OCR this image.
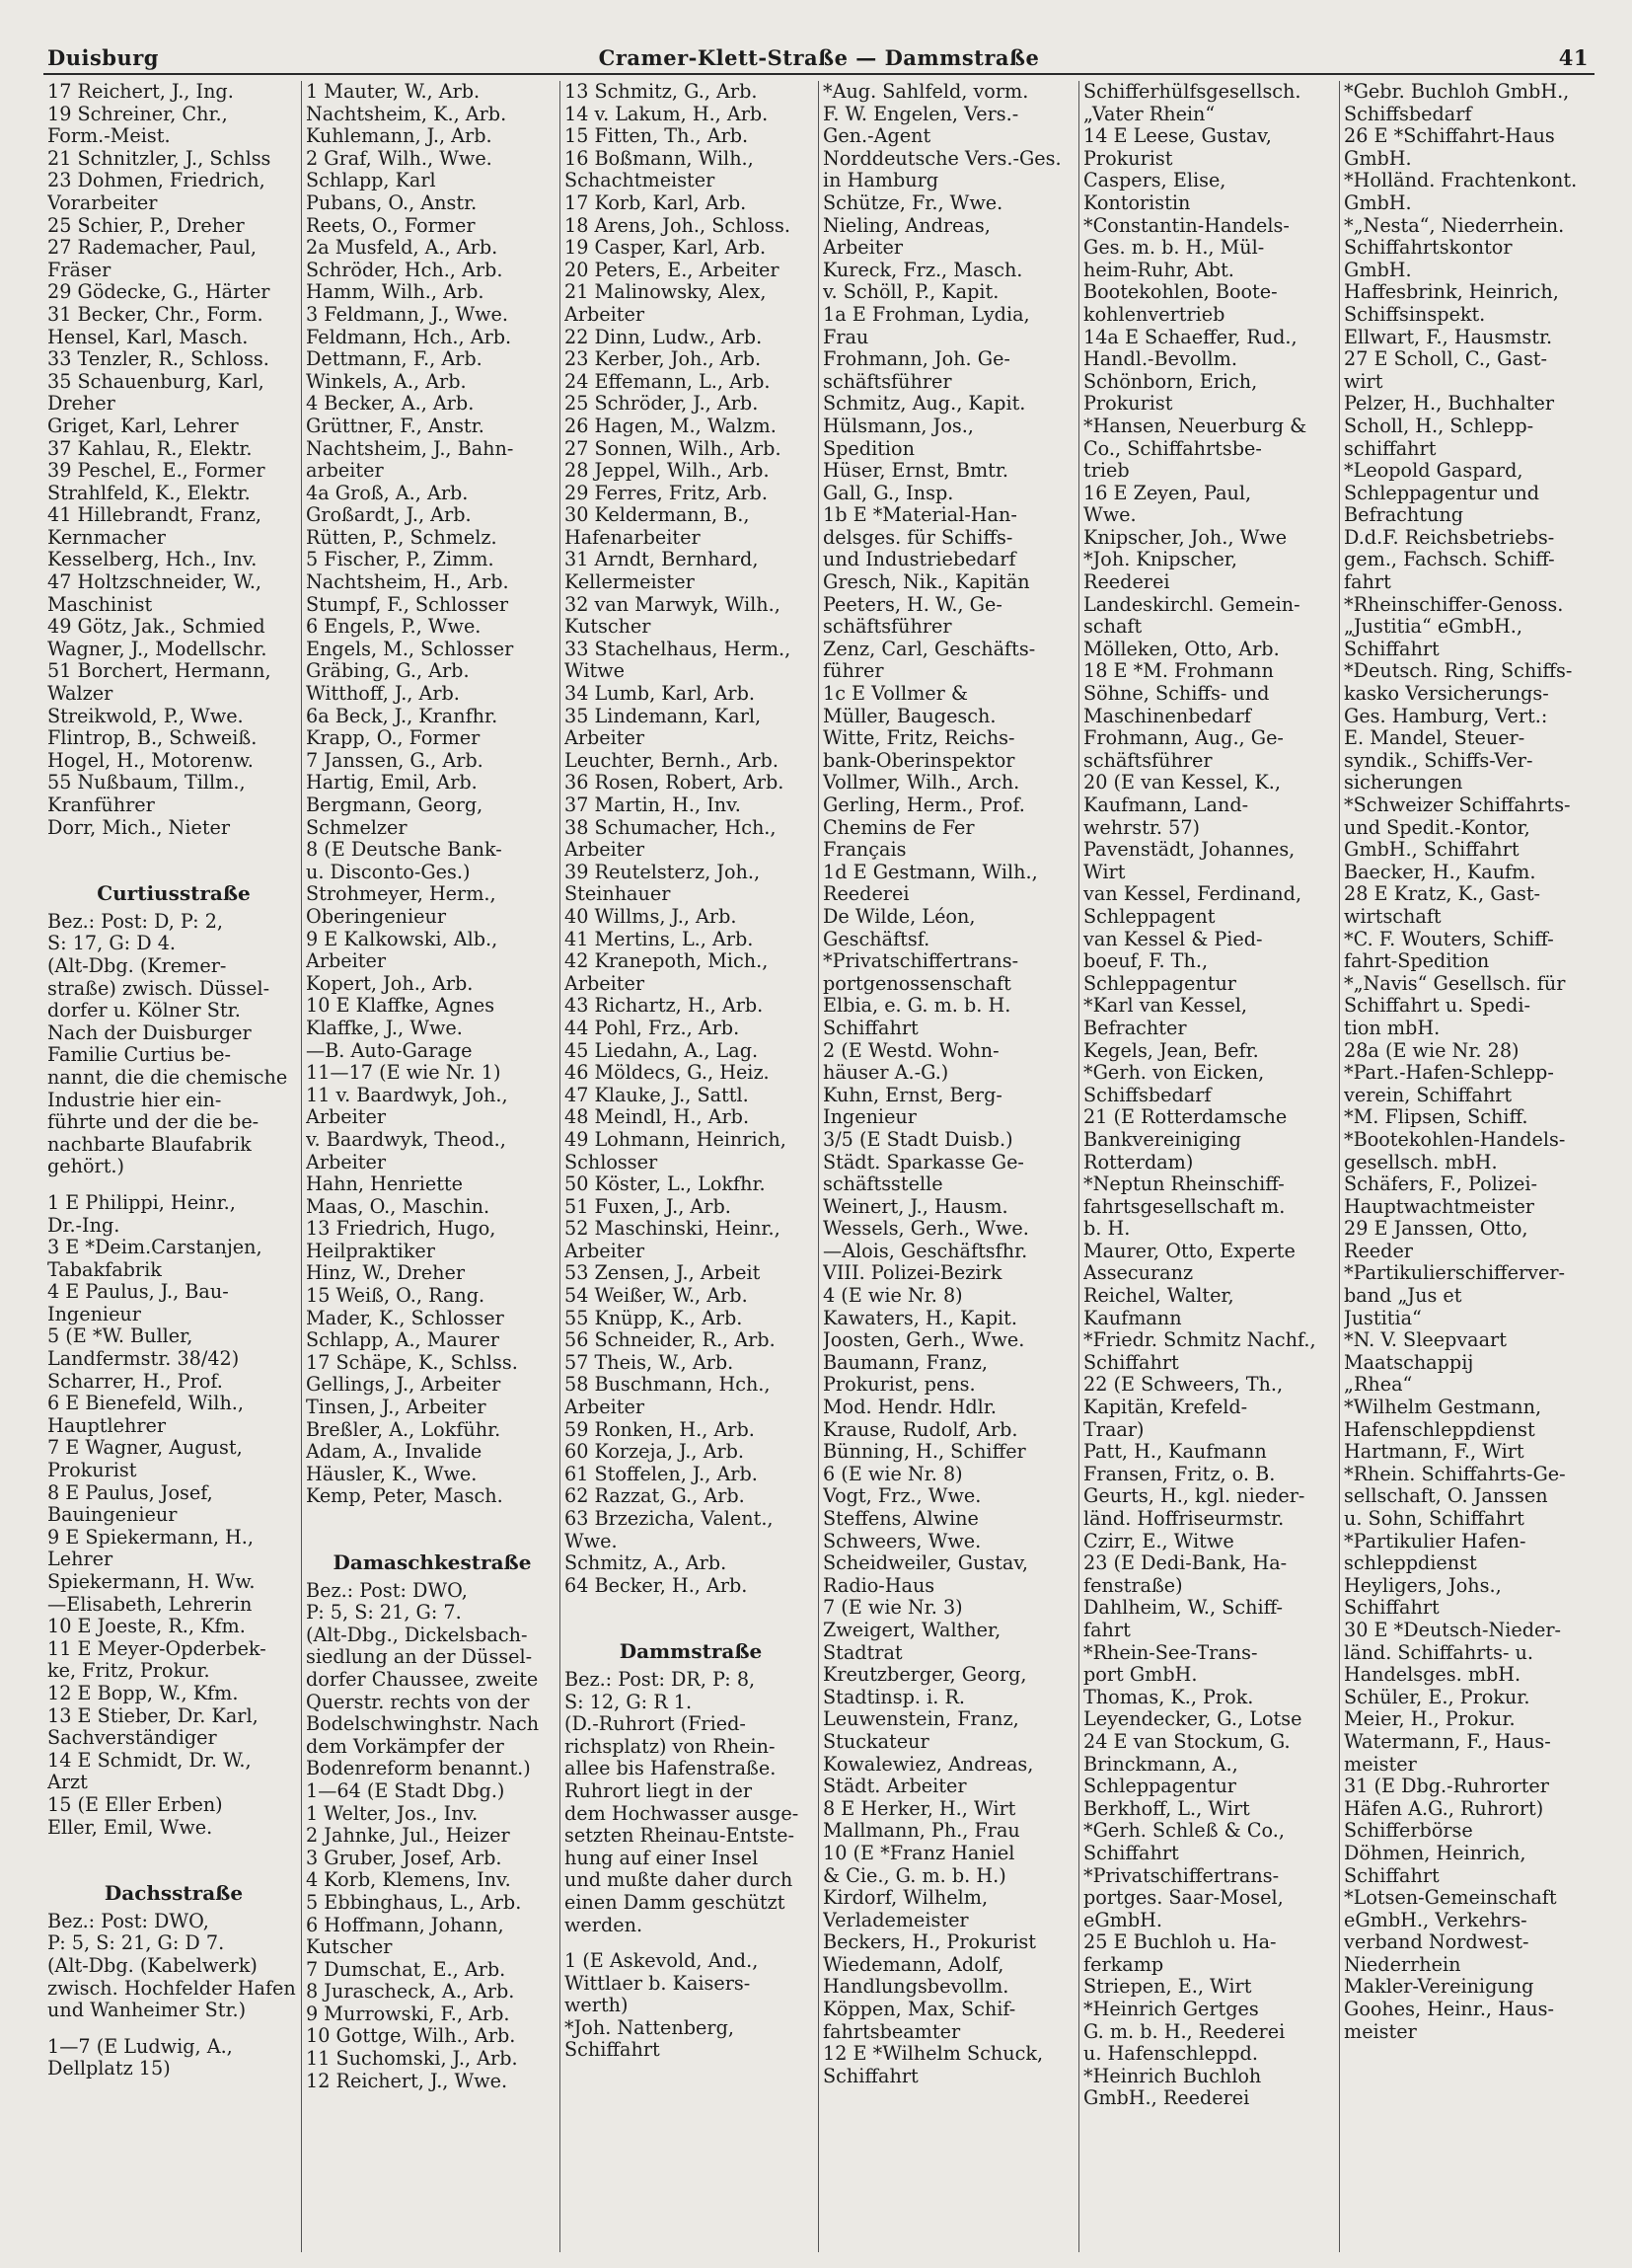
Duisburg	Cramer-Klett-Straße — Dammstraße	41
17 Reichert, J., Ing.
19 Schreiner, Chr.,
Form.-Meist.
21 Schnitzler, J., Schlss
23 Dohmen, Friedrich,
Vorarbeiter
25 Schier, P., Dreher
27 Rademacher, Paul,
Fräser
29 Gödecke, G., Härter
31 Becker, Chr., Form.
Hensel, Karl, Masch.
33 Tenzler, R., Schloss.
35 Schauenburg, Karl,
Dreher
Griget, Karl, Lehrer
37 Kahlau, R., Elektr.
39 Peschel, E., Former
Strahlfeld, K., Elektr.
41 Hillebrandt, Franz,
Kernmacher
Kesselberg, Hch., Inv.
47 Holtzschneider, W.,
Maschinist
49 Götz, Jak., Schmied
Wagner, J., Modellschr.
51 Borchert, Hermann,
Walzer
Streikwold, P., Wwe.
Flintrop, B., Schweiß.
Hogel, H., Motorenw.
55 Nußbaum, Tillm.,
Kranführer
Dorr, Mich., Nieter
Curtiusstraße
Bez.: Post: D, P: 2,
S: 17, G: D 4.
(Alt-Dbg. (Kremer-
straße) zwisch. Düssel-
dorfer u. Kölner Str.
Nach der Duisburger
Familie Curtius be-
nannt, die die chemische
Industrie hier ein-
führte und der die be-
nachbarte Blaufabrik
gehört.)
1 E Philippi, Heinr.,
Dr.-Ing.
3 E *Deim.Carstanjen,
Tabakfabrik
4 E Paulus, J., Bau-
Ingenieur
5 (E *W. Buller,
Landfermstr. 38/42)
Scharrer, H., Prof.
6 E Bienefeld, Wilh.,
Hauptlehrer
7 E Wagner, August,
Prokurist
8 E Paulus, Josef,
Bauingenieur
9 E Spiekermann, H.,
Lehrer
Spiekermann, H. Ww.
—Elisabeth, Lehrerin
10 E Joeste, R., Kfm.
11 E Meyer-Opderbek-
ke, Fritz, Prokur.
12 E Bopp, W., Kfm.
13 E Stieber, Dr. Karl,
Sachverständiger
14 E Schmidt, Dr. W.,
Arzt
15 (E Eller Erben)
Eller, Emil, Wwe.
Dachsstraße
Bez.: Post: DWO,
P: 5, S: 21, G: D 7.
(Alt-Dbg. (Kabelwerk)
zwisch. Hochfelder Hafen
und Wanheimer Str.)
1—7 (E Ludwig, A.,
Dellplatz 15)
1 Mauter, W., Arb.
Nachtsheim, K., Arb.
Kuhlemann, J., Arb.
2 Graf, Wilh., Wwe.
Schlapp, Karl
Pubans, O., Anstr.
Reets, O., Former
2a Musfeld, A., Arb.
Schröder, Hch., Arb.
Hamm, Wilh., Arb.
3 Feldmann, J., Wwe.
Feldmann, Hch., Arb.
Dettmann, F., Arb.
Winkels, A., Arb.
4 Becker, A., Arb.
Grüttner, F., Anstr.
Nachtsheim, J., Bahn-
arbeiter
4a Groß, A., Arb.
Großardt, J., Arb.
Rütten, P., Schmelz.
5 Fischer, P., Zimm.
Nachtsheim, H., Arb.
Stumpf, F., Schlosser
6 Engels, P., Wwe.
Engels, M., Schlosser
Gräbing, G., Arb.
Witthoff, J., Arb.
6a Beck, J., Kranfhr.
Krapp, O., Former
7 Janssen, G., Arb.
Hartig, Emil, Arb.
Bergmann, Georg,
Schmelzer
8 (E Deutsche Bank-
u. Disconto-Ges.)
Strohmeyer, Herm.,
Oberingenieur
9 E Kalkowski, Alb.,
Arbeiter
Kopert, Joh., Arb.
10 E Klaffke, Agnes
Klaffke, J., Wwe.
—B. Auto-Garage
11—17 (E wie Nr. 1)
11 v. Baardwyk, Joh.,
Arbeiter
v. Baardwyk, Theod.,
Arbeiter
Hahn, Henriette
Maas, O., Maschin.
13 Friedrich, Hugo,
Heilpraktiker
Hinz, W., Dreher
15 Weiß, O., Rang.
Mader, K., Schlosser
Schlapp, A., Maurer
17 Schäpe, K., Schlss.
Gellings, J., Arbeiter
Tinsen, J., Arbeiter
Breßler, A., Lokführ.
Adam, A., Invalide
Häusler, K., Wwe.
Kemp, Peter, Masch.
Damaschkestraße
Bez.: Post: DWO,
P: 5, S: 21, G: 7.
(Alt-Dbg., Dickelsbach-
siedlung an der Düssel-
dorfer Chaussee, zweite
Querstr. rechts von der
Bodelschwinghstr. Nach
dem Vorkämpfer der
Bodenreform benannt.)
1—64 (E Stadt Dbg.)
1 Welter, Jos., Inv.
2 Jahnke, Jul., Heizer
3 Gruber, Josef, Arb.
4 Korb, Klemens, Inv.
5 Ebbinghaus, L., Arb.
6 Hoffmann, Johann,
Kutscher
7 Dumschat, E., Arb.
8 Jurascheck, A., Arb.
9 Murrowski, F., Arb.
10 Gottge, Wilh., Arb.
11 Suchomski, J., Arb.
12 Reichert, J., Wwe.
13 Schmitz, G., Arb.
14 v. Lakum, H., Arb.
15 Fitten, Th., Arb.
16 Boßmann, Wilh.,
Schachtmeister
17 Korb, Karl, Arb.
18 Arens, Joh., Schloss.
19 Casper, Karl, Arb.
20 Peters, E., Arbeiter
21 Malinowsky, Alex,
Arbeiter
22 Dinn, Ludw., Arb.
23 Kerber, Joh., Arb.
24 Effemann, L., Arb.
25 Schröder, J., Arb.
26 Hagen, M., Walzm.
27 Sonnen, Wilh., Arb.
28 Jeppel, Wilh., Arb.
29 Ferres, Fritz, Arb.
30 Keldermann, B.,
Hafenarbeiter
31 Arndt, Bernhard,
Kellermeister
32 van Marwyk, Wilh.,
Kutscher
33 Stachelhaus, Herm.,
Witwe
34 Lumb, Karl, Arb.
35 Lindemann, Karl,
Arbeiter
Leuchter, Bernh., Arb.
36 Rosen, Robert, Arb.
37 Martin, H., Inv.
38 Schumacher, Hch.,
Arbeiter
39 Reutelsterz, Joh.,
Steinhauer
40 Willms, J., Arb.
41 Mertins, L., Arb.
42 Kranepoth, Mich.,
Arbeiter
43 Richartz, H., Arb.
44 Pohl, Frz., Arb.
45 Liedahn, A., Lag.
46 Möldecs, G., Heiz.
47 Klauke, J., Sattl.
48 Meindl, H., Arb.
49 Lohmann, Heinrich,
Schlosser
50 Köster, L., Lokfhr.
51 Fuxen, J., Arb.
52 Maschinski, Heinr.,
Arbeiter
53 Zensen, J., Arbeit
54 Weißer, W., Arb.
55 Knüpp, K., Arb.
56 Schneider, R., Arb.
57 Theis, W., Arb.
58 Buschmann, Hch.,
Arbeiter
59 Ronken, H., Arb.
60 Korzeja, J., Arb.
61 Stoffelen, J., Arb.
62 Razzat, G., Arb.
63 Brzezicha, Valent.,
Wwe.
Schmitz, A., Arb.
64 Becker, H., Arb.
Dammstraße
Bez.: Post: DR, P: 8,
S: 12, G: R 1.
(D.-Ruhrort (Fried-
richsplatz) von Rhein-
allee bis Hafenstraße.
Ruhrort liegt in der
dem Hochwasser ausge-
setzten Rheinau-Entste-
hung auf einer Insel
und mußte daher durch
einen Damm geschützt
werden.
1 (E Askevold, And.,
Wittlaer b. Kaisers-
werth)
*Joh. Nattenberg,
Schiffahrt
*Aug. Sahlfeld, vorm.
F. W. Engelen, Vers.-
Gen.-Agent
Norddeutsche Vers.-Ges.
in Hamburg
Schütze, Fr., Wwe.
Nieling, Andreas,
Arbeiter
Kureck, Frz., Masch.
v. Schöll, P., Kapit.
1a E Frohman, Lydia,
Frau
Frohmann, Joh. Ge-
schäftsführer
Schmitz, Aug., Kapit.
Hülsmann, Jos.,
Spedition
Hüser, Ernst, Bmtr.
Gall, G., Insp.
1b E *Material-Han-
delsges. für Schiffs-
und Industriebedarf
Gresch, Nik., Kapitän
Peeters, H. W., Ge-
schäftsführer
Zenz, Carl, Geschäfts-
führer
1c E Vollmer &
Müller, Baugesch.
Witte, Fritz, Reichs-
bank-Oberinspektor
Vollmer, Wilh., Arch.
Gerling, Herm., Prof.
Chemins de Fer
Français
1d E Gestmann, Wilh.,
Reederei
De Wilde, Léon,
Geschäftsf.
*Privatschiffertrans-
portgenossenschaft
Elbia, e. G. m. b. H.
Schiffahrt
2 (E Westd. Wohn-
häuser A.-G.)
Kuhn, Ernst, Berg-
Ingenieur
3/5 (E Stadt Duisb.)
Städt. Sparkasse Ge-
schäftsstelle
Weinert, J., Hausm.
Wessels, Gerh., Wwe.
—Alois, Geschäftsfhr.
VIII. Polizei-Bezirk
4 (E wie Nr. 8)
Kawaters, H., Kapit.
Joosten, Gerh., Wwe.
Baumann, Franz,
Prokurist, pens.
Mod. Hendr. Hdlr.
Krause, Rudolf, Arb.
Bünning, H., Schiffer
6 (E wie Nr. 8)
Vogt, Frz., Wwe.
Steffens, Alwine
Schweers, Wwe.
Scheidweiler, Gustav,
Radio-Haus
7 (E wie Nr. 3)
Zweigert, Walther,
Stadtrat
Kreutzberger, Georg,
Stadtinsp. i. R.
Leuwenstein, Franz,
Stuckateur
Kowalewiez, Andreas,
Städt. Arbeiter
8 E Herker, H., Wirt
Mallmann, Ph., Frau
10 (E *Franz Haniel
& Cie., G. m. b. H.)
Kirdorf, Wilhelm,
Verlademeister
Beckers, H., Prokurist
Wiedemann, Adolf,
Handlungsbevollm.
Köppen, Max, Schif-
fahrtsbeamter
12 E *Wilhelm Schuck,
Schiffahrt
Schifferhülfsgesellsch.
„Vater Rhein“
14 E Leese, Gustav,
Prokurist
Caspers, Elise,
Kontoristin
*Constantin-Handels-
Ges. m. b. H., Mül-
heim-Ruhr, Abt.
Bootekohlen, Boote-
kohlenvertrieb
14a E Schaeffer, Rud.,
Handl.-Bevollm.
Schönborn, Erich,
Prokurist
*Hansen, Neuerburg &
Co., Schiffahrtsbe-
trieb
16 E Zeyen, Paul,
Wwe.
Knipscher, Joh., Wwe
*Joh. Knipscher,
Reederei
Landeskirchl. Gemein-
schaft
Mölleken, Otto, Arb.
18 E *M. Frohmann
Söhne, Schiffs- und
Maschinenbedarf
Frohmann, Aug., Ge-
schäftsführer
20 (E van Kessel, K.,
Kaufmann, Land-
wehrstr. 57)
Pavenstädt, Johannes,
Wirt
van Kessel, Ferdinand,
Schleppagent
van Kessel & Pied-
boeuf, F. Th.,
Schleppagentur
*Karl van Kessel,
Befrachter
Kegels, Jean, Befr.
*Gerh. von Eicken,
Schiffsbedarf
21 (E Rotterdamsche
Bankvereiniging
Rotterdam)
*Neptun Rheinschiff-
fahrtsgesellschaft m.
b. H.
Maurer, Otto, Experte
Assecuranz
Reichel, Walter,
Kaufmann
*Friedr. Schmitz Nachf.,
Schiffahrt
22 (E Schweers, Th.,
Kapitän, Krefeld-
Traar)
Patt, H., Kaufmann
Fransen, Fritz, o. B.
Geurts, H., kgl. nieder-
länd. Hoffriseurmstr.
Czirr, E., Witwe
23 (E Dedi-Bank, Ha-
fenstraße)
Dahlheim, W., Schiff-
fahrt
*Rhein-See-Trans-
port GmbH.
Thomas, K., Prok.
Leyendecker, G., Lotse
24 E van Stockum, G.
Brinckmann, A.,
Schleppagentur
Berkhoff, L., Wirt
*Gerh. Schleß & Co.,
Schiffahrt
*Privatschiffertrans-
portges. Saar-Mosel,
eGmbH.
25 E Buchloh u. Ha-
ferkamp
Striepen, E., Wirt
*Heinrich Gertges
G. m. b. H., Reederei
u. Hafenschleppd.
*Heinrich Buchloh
GmbH., Reederei
*Gebr. Buchloh GmbH.,
Schiffsbedarf
26 E *Schiffahrt-Haus
GmbH.
*Holländ. Frachtenkont.
GmbH.
*„Nesta“, Niederrhein.
Schiffahrtskontor
GmbH.
Haffesbrink, Heinrich,
Schiffsinspekt.
Ellwart, F., Hausmstr.
27 E Scholl, C., Gast-
wirt
Pelzer, H., Buchhalter
Scholl, H., Schlepp-
schiffahrt
*Leopold Gaspard,
Schleppagentur und
Befrachtung
D.d.F. Reichsbetriebs-
gem., Fachsch. Schiff-
fahrt
*Rheinschiffer-Genoss.
„Justitia“ eGmbH.,
Schiffahrt
*Deutsch. Ring, Schiffs-
kasko Versicherungs-
Ges. Hamburg, Vert.:
E. Mandel, Steuer-
syndik., Schiffs-Ver-
sicherungen
*Schweizer Schiffahrts-
und Spedit.-Kontor,
GmbH., Schiffahrt
Baecker, H., Kaufm.
28 E Kratz, K., Gast-
wirtschaft
*C. F. Wouters, Schiff-
fahrt-Spedition
*„Navis“ Gesellsch. für
Schiffahrt u. Spedi-
tion mbH.
28a (E wie Nr. 28)
*Part.-Hafen-Schlepp-
verein, Schiffahrt
*M. Flipsen, Schiff.
*Bootekohlen-Handels-
gesellsch. mbH.
Schäfers, F., Polizei-
Hauptwachtmeister
29 E Janssen, Otto,
Reeder
*Partikulierschifferver-
band „Jus et
Justitia“
*N. V. Sleepvaart
Maatschappij
„Rhea“
*Wilhelm Gestmann,
Hafenschleppdienst
Hartmann, F., Wirt
*Rhein. Schiffahrts-Ge-
sellschaft, O. Janssen
u. Sohn, Schiffahrt
*Partikulier Hafen-
schleppdienst
Heyligers, Johs.,
Schiffahrt
30 E *Deutsch-Nieder-
länd. Schiffahrts- u.
Handelsges. mbH.
Schüler, E., Prokur.
Meier, H., Prokur.
Watermann, F., Haus-
meister
31 (E Dbg.-Ruhrorter
Häfen A.G., Ruhrort)
Schifferbörse
Döhmen, Heinrich,
Schiffahrt
*Lotsen-Gemeinschaft
eGmbH., Verkehrs-
verband Nordwest-
Niederrhein
Makler-Vereinigung
Goohes, Heinr., Haus-
meister
